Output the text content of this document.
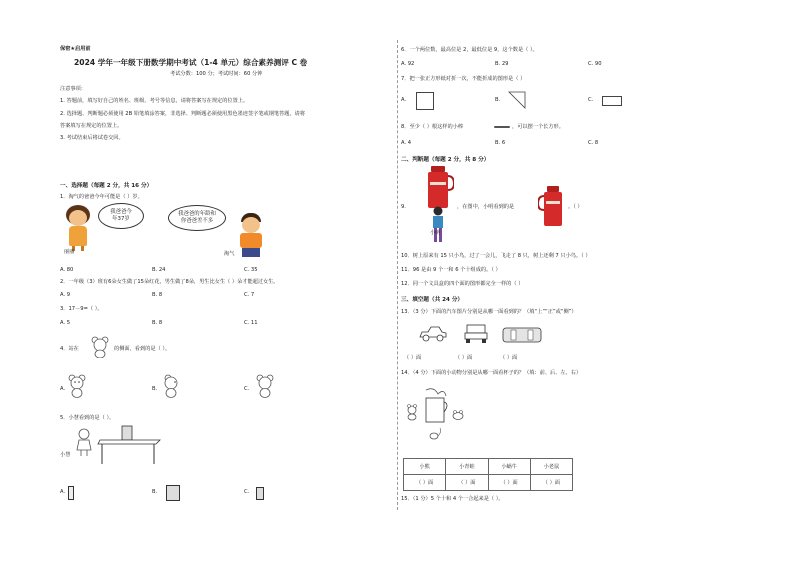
保密★启用前
2024 学年一年级下册数学期中考试（1-4 单元）综合素养测评 C 卷
考试分数：100 分；考试时间：60 分钟
注意事项：
1. 答题前，填写好自己的姓名、班级、考号等信息，请将答案写在规定的位置上。
2. 选择题、判断题必须使用 2B 铅笔填涂答案，非选择、判断题必须使用黑色墨迹签字笔或钢笔答题，请将
答案填写在规定的位置上。
3. 考试结束后将试卷交回。
一、选择题（每题 2 分，共 16 分）
1．淘气的爸爸今年可能是（ ）岁。
我爸爸今
年37岁
我爸爸的年龄和
你爸爸差不多
丽丽	淘气
A. 80	B. 24	C. 35
2．一年级（3）班有6朵女生做了15朵红花，男生做了8朵，男生比女生（ ）朵才能超过女生。
A. 9	B. 8	C. 7
3．17－9=（ ）。
A. 5	B. 8	C. 11
4．站在	的侧面，看到的是（ ）。
A.	B.	C.
5．小慧看到的是（ ）。
小慧
A.	B.	C.
6．一个两位数，最高位是 2，最低位是 9，这个数是（ ）。
A. 92	B. 29	C. 90
7．把一张正方形纸对折一次，不能折成的图形是（ ）
A.	B.	C.
8．至少（ ）根这样的小棒	，可以摆一个长方形。
A. 4	B. 6	C. 8
二、判断题（每题 2 分，共 8 分）
9.
小明
，在图中，小明看到的是	。（ ）
10．树上原来有 15 只小鸟，过了一会儿，飞走了 8 只，树上还剩 7 只小鸟。（ ）
11．96 是由 9 个一和 6 个十组成的。（ ）
12．同一个文具盒的四个面的图形都完全一样的（ ）
三、填空题（共 24 分）
13．（3 分）下面的汽车图片分别是从哪一面看到的？（填“上”“正”或“侧”）
（ ）面	（ ）面	（ ）面
14．（4 分）下面的小动物分别是从哪一面看杯子的？（填：前、后、左、右）
小熊	小青蛙	小蜗牛	小老鼠
（ ）面	（ ）面	（ ）面	（ ）面
15．（1 分）5 个十和 4 个一合起来是（ ）。
